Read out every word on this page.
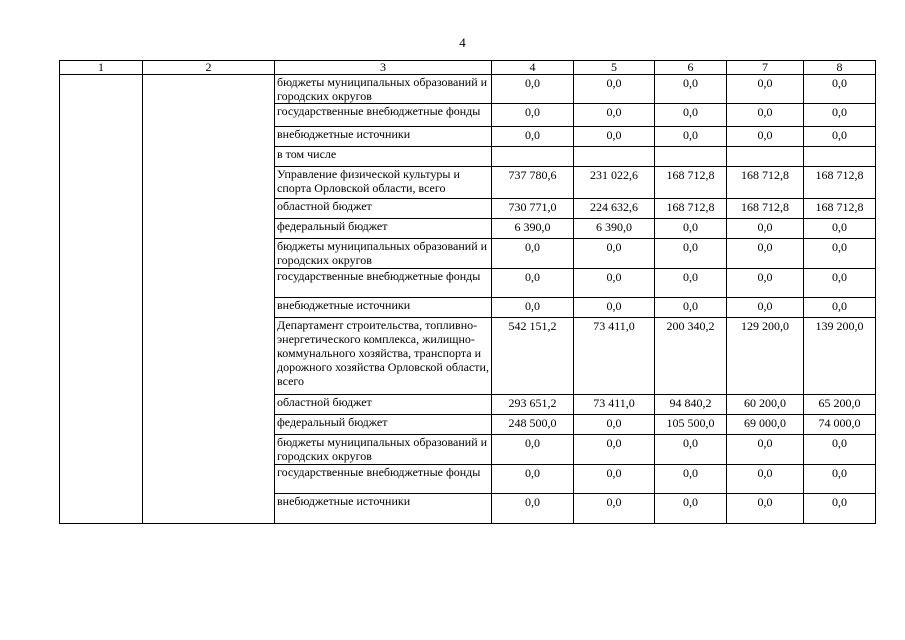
4
1	2	3	4	5	6	7	8
		бюджеты муниципальных образований и городских округов	0,0	0,0	0,0	0,0	0,0
		государственные внебюджетные фонды	0,0	0,0	0,0	0,0	0,0
		внебюджетные источники	0,0	0,0	0,0	0,0	0,0
		в том числе					
		Управление физической культуры и спорта Орловской области, всего	737 780,6	231 022,6	168 712,8	168 712,8	168 712,8
		областной бюджет	730 771,0	224 632,6	168 712,8	168 712,8	168 712,8
		федеральный бюджет	6 390,0	6 390,0	0,0	0,0	0,0
		бюджеты муниципальных образований и городских округов	0,0	0,0	0,0	0,0	0,0
		государственные внебюджетные фонды	0,0	0,0	0,0	0,0	0,0
		внебюджетные источники	0,0	0,0	0,0	0,0	0,0
		Департамент строительства, топливно-энергетического комплекса, жилищно-коммунального хозяйства, транспорта и дорожного хозяйства Орловской области, всего	542 151,2	73 411,0	200 340,2	129 200,0	139 200,0
		областной бюджет	293 651,2	73 411,0	94 840,2	60 200,0	65 200,0
		федеральный бюджет	248 500,0	0,0	105 500,0	69 000,0	74 000,0
		бюджеты муниципальных образований и городских округов	0,0	0,0	0,0	0,0	0,0
		государственные внебюджетные фонды	0,0	0,0	0,0	0,0	0,0
		внебюджетные источники	0,0	0,0	0,0	0,0	0,0
